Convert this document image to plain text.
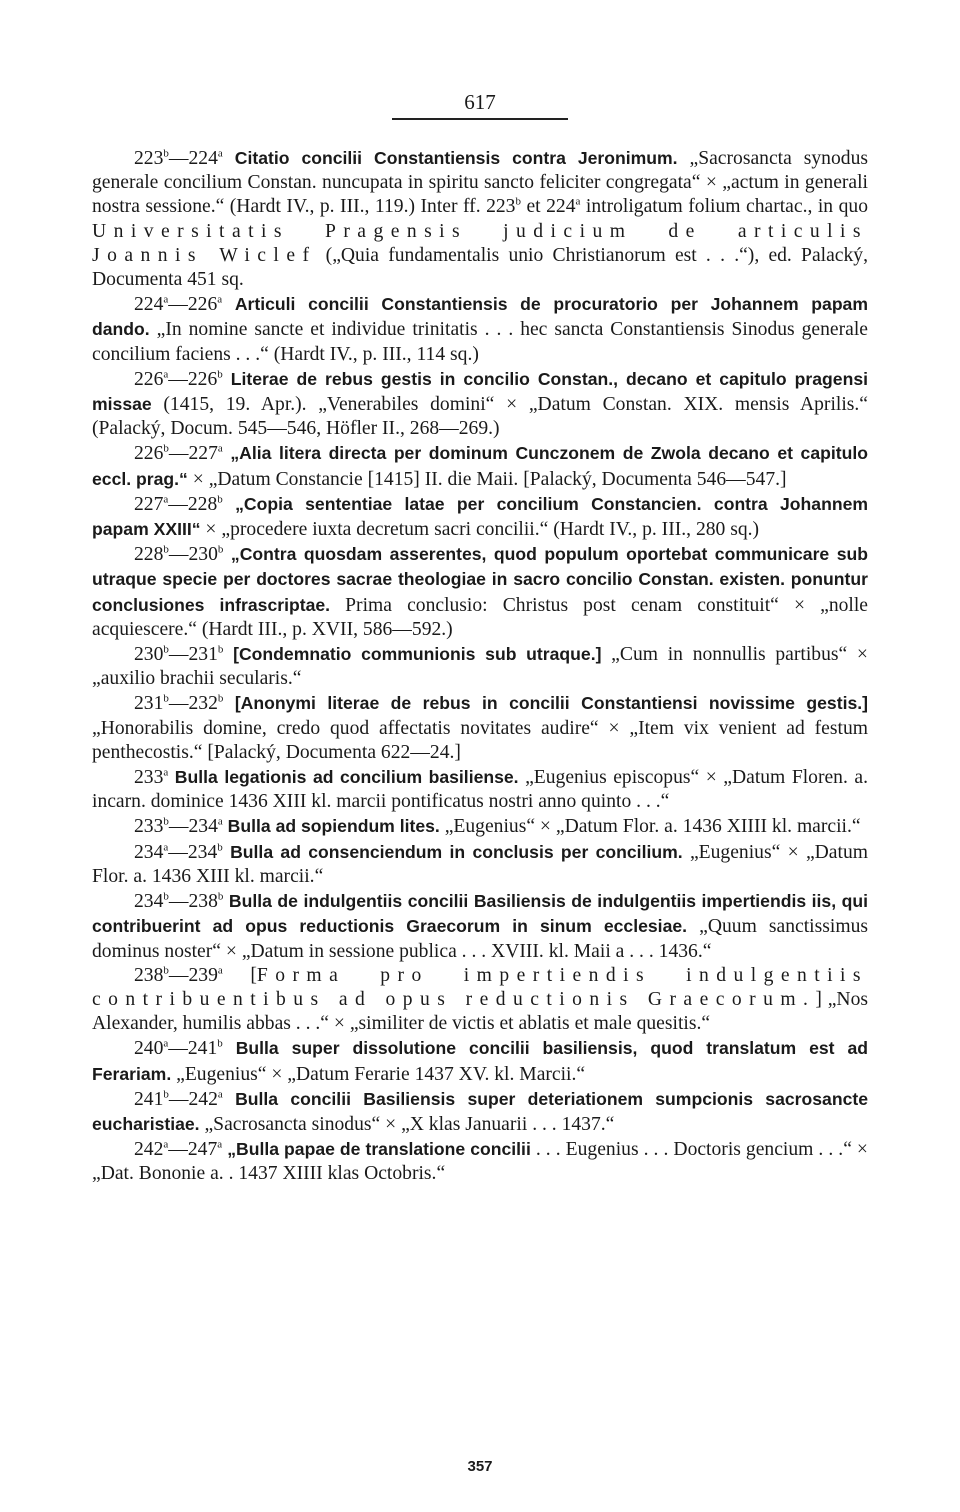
617

223$^b$—224$^a$ Citatio concilii Constantiensis contra Jeronimum. „Sacrosancta synodus generale concilium Constan. nuncupata in spiritu sancto feliciter congregata“ × „actum in generali nostra sessione.“ (Hardt IV., p. III., 119.) Inter ff. 223$^b$ et 224$^a$ introligatum folium chartac., in quo Universitatis Pragensis judicium de articulis Joannis Wiclef („Quia fundamentalis unio Christianorum est . . .“), ed. Palacký, Documenta 451 sq.

224$^a$—226$^a$ Articuli concilii Constantiensis de procuratorio per Johannem papam dando. „In nomine sancte et individue trinitatis . . . hec sancta Constantiensis Sinodus generale concilium faciens . . .“ (Hardt IV., p. III., 114 sq.)

226$^a$—226$^b$ Literae de rebus gestis in concilio Constan., decano et capitulo pragensi missae (1415, 19. Apr.). „Venerabiles domini“ × „Datum Constan. XIX. mensis Aprilis.“ (Palacký, Docum. 545—546, Höfler II., 268—269.)

226$^b$—227$^a$ „Alia litera directa per dominum Cunczonem de Zwola decano et capitulo eccl. prag.“ × „Datum Constancie [1415] II. die Maii. [Palacký, Documenta 546—547.]

227$^a$—228$^b$ „Copia sententiae latae per concilium Constancien. contra Johannem papam XXIII“ × „procedere iuxta decretum sacri concilii.“ (Hardt IV., p. III., 280 sq.)

228$^b$—230$^b$ „Contra quosdam asserentes, quod populum oportebat communicare sub utraque specie per doctores sacrae theologiae in sacro concilio Constan. existen. ponuntur conclusiones infrascriptae. Prima conclusio: Christus post cenam constituit“ × „nolle acquiescere.“ (Hardt III., p. XVII, 586—592.)

230$^b$—231$^b$ [Condemnatio communionis sub utraque.] „Cum in nonnullis partibus“ × „auxilio brachii secularis.“

231$^b$—232$^b$ [Anonymi literae de rebus in concilii Constantiensi novissime gestis.] „Honorabilis domine, credo quod affectatis novitates audire“ × „Item vix venient ad festum penthecostis.“ [Palacký, Documenta 622—24.]

233$^a$ Bulla legationis ad concilium basiliense. „Eugenius episcopus“ × „Datum Floren. a. incarn. dominice 1436 XIII kl. marcii pontificatus nostri anno quinto . . .“

233$^b$—234$^a$ Bulla ad sopiendum lites. „Eugenius“ × „Datum Flor. a. 1436 XIIII kl. marcii.“

234$^a$—234$^b$ Bulla ad consenciendum in conclusis per concilium. „Eugenius“ × „Datum Flor. a. 1436 XIII kl. marcii.“

234$^b$—238$^b$ Bulla de indulgentiis concilii Basiliensis de indulgentiis impertiendis iis, qui contribuerint ad opus reductionis Graecorum in sinum ecclesiae. „Quum sanctissimus dominus noster“ × „Datum in sessione publica . . . XVIII. kl. Maii a . . . 1436.“

238$^b$—239$^a$ [Forma pro impertiendis indulgentiis contribuentibus ad opus reductionis Graecorum.] „Nos Alexander, humilis abbas . . .“ × „similiter de victis et ablatis et male quesitis.“

240$^a$—241$^b$ Bulla super dissolutione concilii basiliensis, quod translatum est ad Ferariam. „Eugenius“ × „Datum Ferarie 1437 XV. kl. Marcii.“

241$^b$—242$^a$ Bulla concilii Basiliensis super deteriationem sumpcionis sacrosancte eucharistiae. „Sacrosancta sinodus“ × „X klas Januarii . . . 1437.“

242$^a$—247$^a$ „Bulla papae de translatione concilii . . . Eugenius . . . Doctoris gencium . . .“ × „Dat. Bononie a. . 1437 XIIII klas Octobris.“

357
